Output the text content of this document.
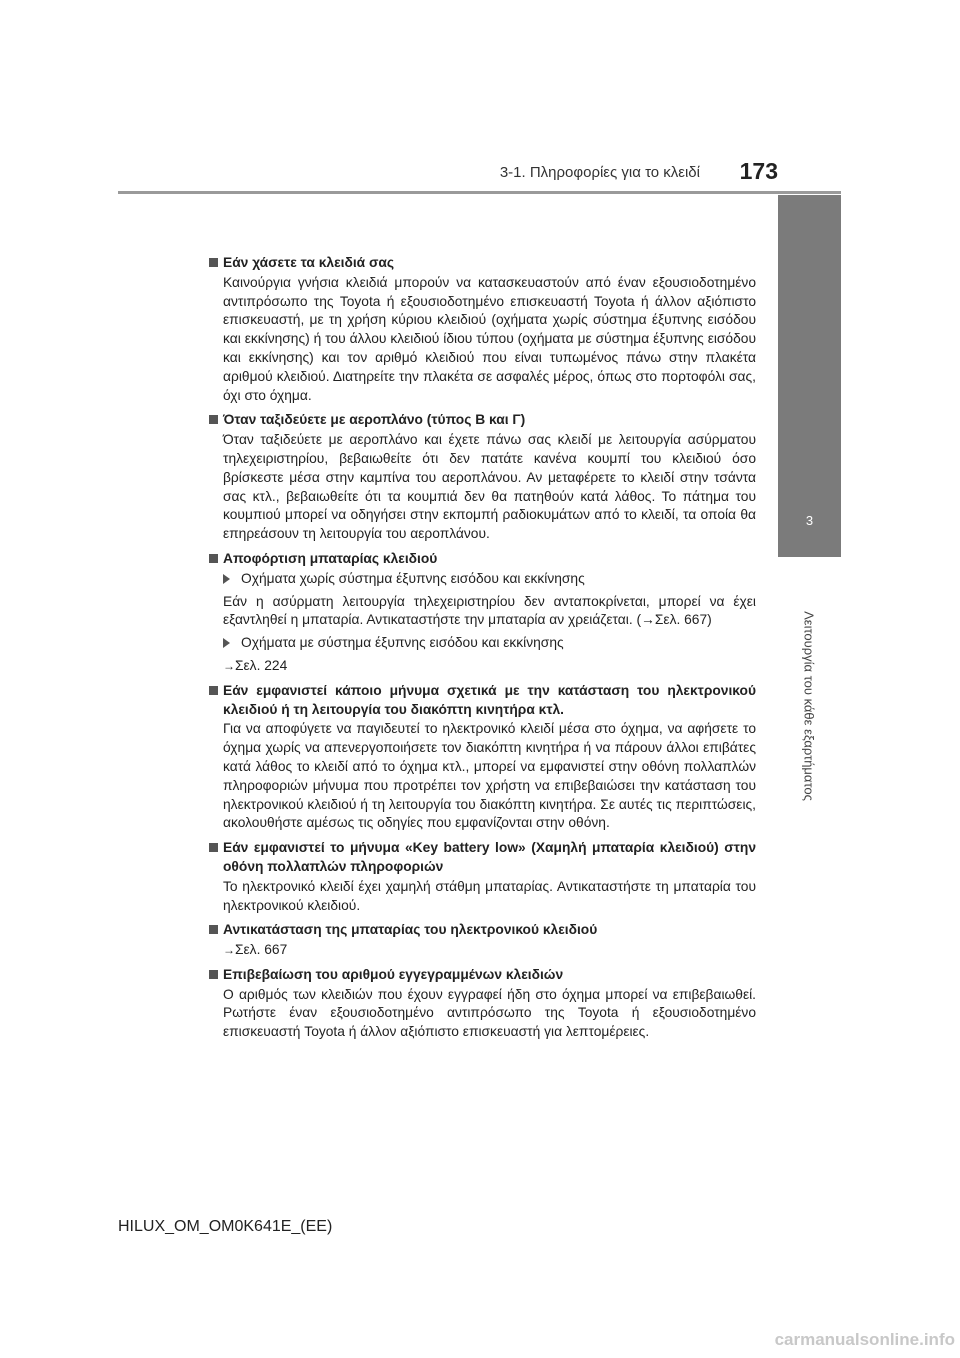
3-1. Πληροφορίες για το κλειδί	173
3
Λειτουργία του κάθε εξαρτήματος
Εάν χάσετε τα κλειδιά σας
Καινούργια γνήσια κλειδιά μπορούν να κατασκευαστούν από έναν εξουσιοδοτημένο αντιπρόσωπο της Toyota ή εξουσιοδοτημένο επισκευαστή Toyota ή άλλον αξιόπιστο επισκευαστή, με τη χρήση κύριου κλειδιού (οχήματα χωρίς σύστημα έξυπνης εισόδου και εκκίνησης) ή του άλλου κλειδιού ίδιου τύπου (οχήματα με σύστημα έξυπνης εισόδου και εκκίνησης) και τον αριθμό κλειδιού που είναι τυπωμένος πάνω στην πλακέτα αριθμού κλειδιού. Διατηρείτε την πλακέτα σε ασφαλές μέρος, όπως στο πορτοφόλι σας, όχι στο όχημα.
Όταν ταξιδεύετε με αεροπλάνο (τύπος B και Γ)
Όταν ταξιδεύετε με αεροπλάνο και έχετε πάνω σας κλειδί με λειτουργία ασύρματου τηλεχειριστηρίου, βεβαιωθείτε ότι δεν πατάτε κανένα κουμπί του κλειδιού όσο βρίσκεστε μέσα στην καμπίνα του αεροπλάνου. Αν μεταφέρετε το κλειδί στην τσάντα σας κτλ., βεβαιωθείτε ότι τα κουμπιά δεν θα πατηθούν κατά λάθος. Το πάτημα του κουμπιού μπορεί να οδηγήσει στην εκπομπή ραδιοκυμάτων από το κλειδί, τα οποία θα επηρεάσουν τη λειτουργία του αεροπλάνου.
Αποφόρτιση μπαταρίας κλειδιού
Οχήματα χωρίς σύστημα έξυπνης εισόδου και εκκίνησης
Εάν η ασύρματη λειτουργία τηλεχειριστηρίου δεν ανταποκρίνεται, μπορεί να έχει εξαντληθεί η μπαταρία. Αντικαταστήστε την μπαταρία αν χρειάζεται. (→Σελ. 667)
Οχήματα με σύστημα έξυπνης εισόδου και εκκίνησης
→Σελ. 224
Εάν εμφανιστεί κάποιο μήνυμα σχετικά με την κατάσταση του ηλεκτρονικού κλειδιού ή τη λειτουργία του διακόπτη κινητήρα κτλ.
Για να αποφύγετε να παγιδευτεί το ηλεκτρονικό κλειδί μέσα στο όχημα, να αφήσετε το όχημα χωρίς να απενεργοποιήσετε τον διακόπτη κινητήρα ή να πάρουν άλλοι επιβάτες κατά λάθος το κλειδί από το όχημα κτλ., μπορεί να εμφανιστεί στην οθόνη πολλαπλών πληροφοριών μήνυμα που προτρέπει τον χρήστη να επιβεβαιώσει την κατάσταση του ηλεκτρονικού κλειδιού ή τη λειτουργία του διακόπτη κινητήρα. Σε αυτές τις περιπτώσεις, ακολουθήστε αμέσως τις οδηγίες που εμφανίζονται στην οθόνη.
Εάν εμφανιστεί το μήνυμα «Key battery low» (Χαμηλή μπαταρία κλειδιού) στην οθόνη πολλαπλών πληροφοριών
Το ηλεκτρονικό κλειδί έχει χαμηλή στάθμη μπαταρίας. Αντικαταστήστε τη μπαταρία του ηλεκτρονικού κλειδιού.
Αντικατάσταση της μπαταρίας του ηλεκτρονικού κλειδιού
→Σελ. 667
Επιβεβαίωση του αριθμού εγγεγραμμένων κλειδιών
Ο αριθμός των κλειδιών που έχουν εγγραφεί ήδη στο όχημα μπορεί να επιβεβαιωθεί. Ρωτήστε έναν εξουσιοδοτημένο αντιπρόσωπο της Toyota ή εξουσιοδοτημένο επισκευαστή Toyota ή άλλον αξιόπιστο επισκευαστή για λεπτομέρειες.
HILUX_OM_OM0K641E_(EE)
carmanualsonline.info
